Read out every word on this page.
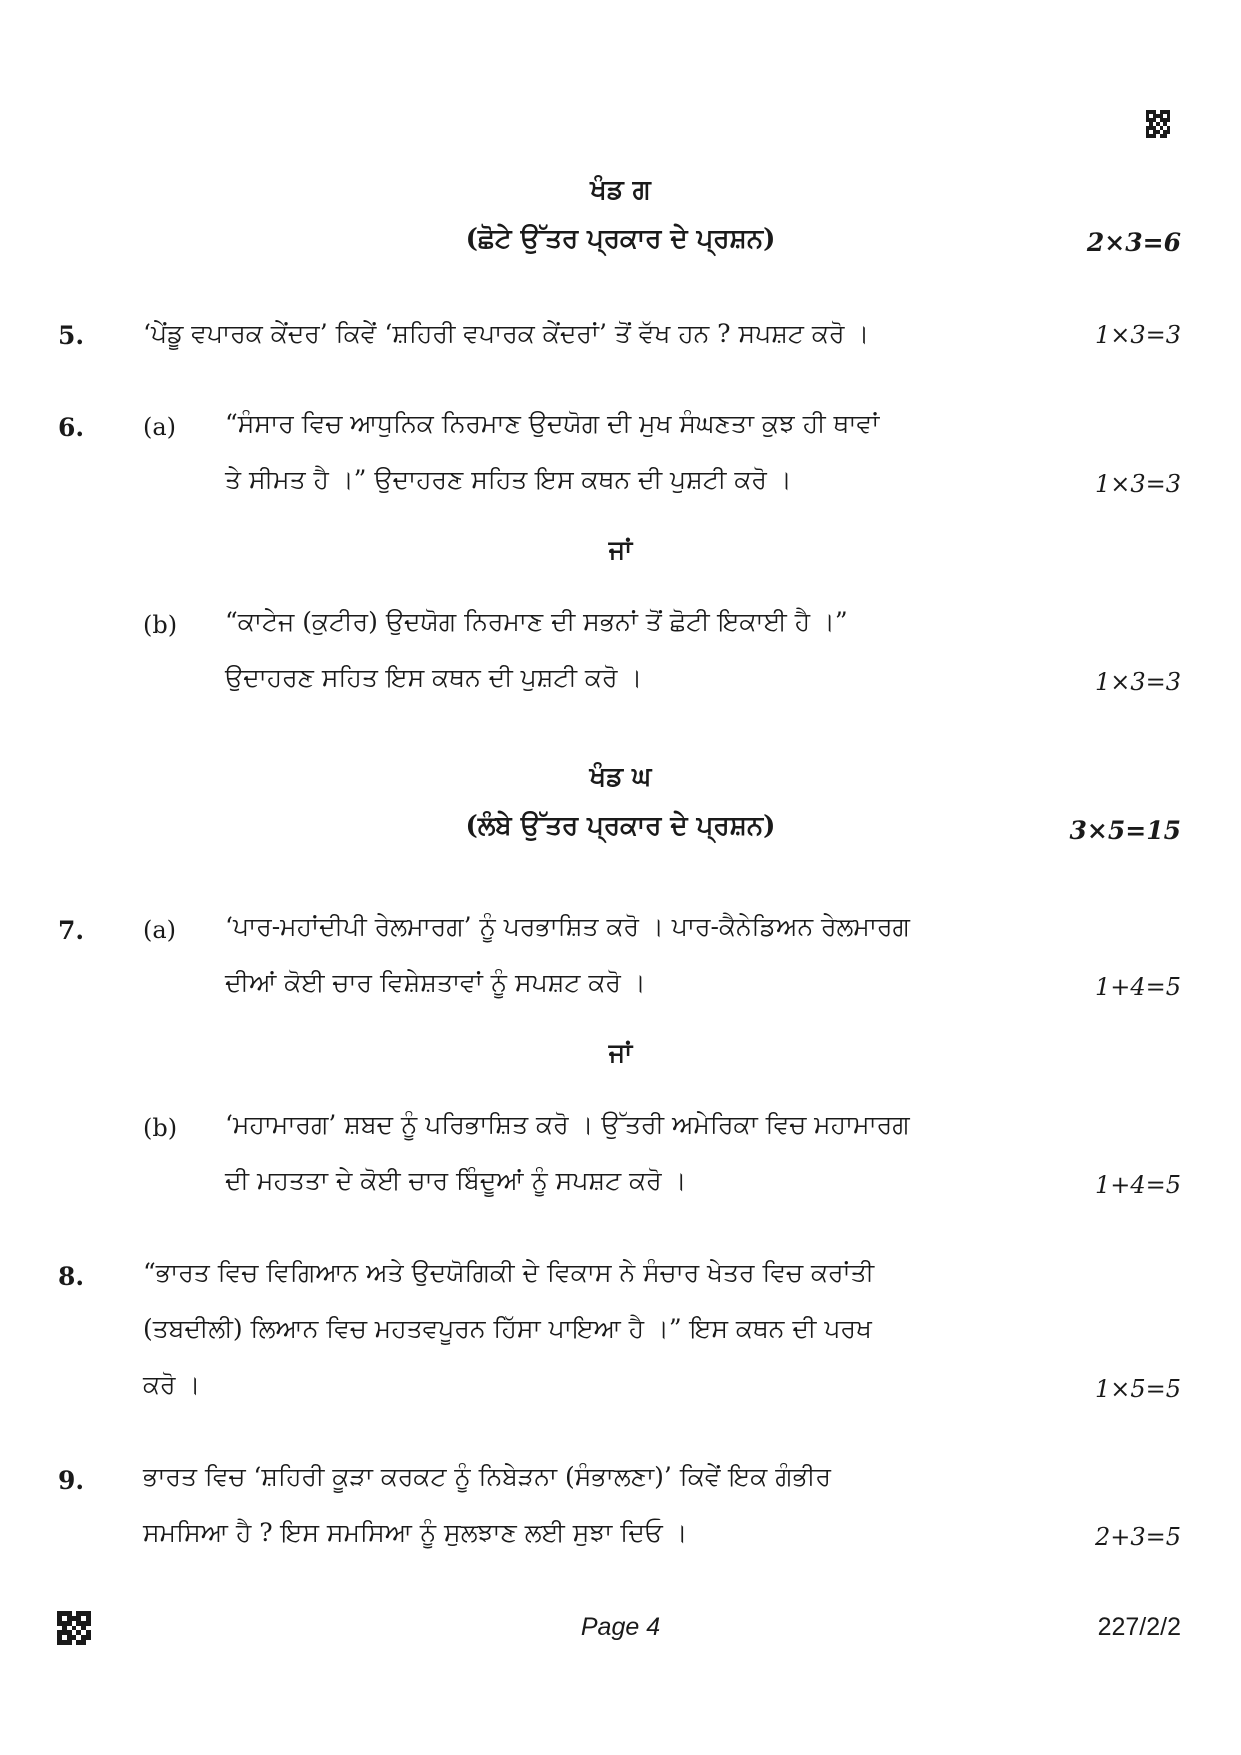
ਖੰਡ ਗ
(ਛੋਟੇ ਉੱਤਰ ਪ੍ਰਕਾਰ ਦੇ ਪ੍ਰਸ਼ਨ)	2×3=6
5. ‘ਪੇਂਡੂ ਵਪਾਰਕ ਕੇਂਦਰ’ ਕਿਵੇਂ ‘ਸ਼ਹਿਰੀ ਵਪਾਰਕ ਕੇਂਦਰਾਂ’ ਤੋਂ ਵੱਖ ਹਨ ? ਸਪਸ਼ਟ ਕਰੋ ।	1×3=3
6. (a) “ਸੰਸਾਰ ਵਿਚ ਆਧੁਨਿਕ ਨਿਰਮਾਣ ਉਦਯੋਗ ਦੀ ਮੁਖ ਸੰਘਣਤਾ ਕੁਝ ਹੀ ਥਾਵਾਂ
ਤੇ ਸੀਮਤ ਹੈ ।” ਉਦਾਹਰਣ ਸਹਿਤ ਇਸ ਕਥਨ ਦੀ ਪੁਸ਼ਟੀ ਕਰੋ ।	1×3=3
ਜਾਂ
(b) “ਕਾਟੇਜ (ਕੁਟੀਰ) ਉਦਯੋਗ ਨਿਰਮਾਣ ਦੀ ਸਭਨਾਂ ਤੋਂ ਛੋਟੀ ਇਕਾਈ ਹੈ ।”
ਉਦਾਹਰਣ ਸਹਿਤ ਇਸ ਕਥਨ ਦੀ ਪੁਸ਼ਟੀ ਕਰੋ ।	1×3=3
ਖੰਡ ਘ
(ਲੰਬੇ ਉੱਤਰ ਪ੍ਰਕਾਰ ਦੇ ਪ੍ਰਸ਼ਨ)	3×5=15
7. (a) ‘ਪਾਰ-ਮਹਾਂਦੀਪੀ ਰੇਲਮਾਰਗ’ ਨੂੰ ਪਰਭਾਸ਼ਿਤ ਕਰੋ । ਪਾਰ-ਕੈਨੇਡਿਅਨ ਰੇਲਮਾਰਗ
ਦੀਆਂ ਕੋਈ ਚਾਰ ਵਿਸ਼ੇਸ਼ਤਾਵਾਂ ਨੂੰ ਸਪਸ਼ਟ ਕਰੋ ।	1+4=5
ਜਾਂ
(b) ‘ਮਹਾਮਾਰਗ’ ਸ਼ਬਦ ਨੂੰ ਪਰਿਭਾਸ਼ਿਤ ਕਰੋ । ਉੱਤਰੀ ਅਮੇਰਿਕਾ ਵਿਚ ਮਹਾਮਾਰਗ
ਦੀ ਮਹਤਤਾ ਦੇ ਕੋਈ ਚਾਰ ਬਿੰਦੂਆਂ ਨੂੰ ਸਪਸ਼ਟ ਕਰੋ ।	1+4=5
8. “ਭਾਰਤ ਵਿਚ ਵਿਗਿਆਨ ਅਤੇ ਉਦਯੋਗਿਕੀ ਦੇ ਵਿਕਾਸ ਨੇ ਸੰਚਾਰ ਖੇਤਰ ਵਿਚ ਕਰਾਂਤੀ
(ਤਬਦੀਲੀ) ਲਿਆਨ ਵਿਚ ਮਹਤਵਪੂਰਨ ਹਿੱਸਾ ਪਾਇਆ ਹੈ ।” ਇਸ ਕਥਨ ਦੀ ਪਰਖ
ਕਰੋ ।	1×5=5
9. ਭਾਰਤ ਵਿਚ ‘ਸ਼ਹਿਰੀ ਕੂੜਾ ਕਰਕਟ ਨੂੰ ਨਿਬੇੜਨਾ (ਸੰਭਾਲਣਾ)’ ਕਿਵੇਂ ਇਕ ਗੰਭੀਰ
ਸਮਸਿਆ ਹੈ ? ਇਸ ਸਮਸਿਆ ਨੂੰ ਸੁਲਝਾਣ ਲਈ ਸੁਝਾ ਦਿਓ ।	2+3=5
Page 4	227/2/2
